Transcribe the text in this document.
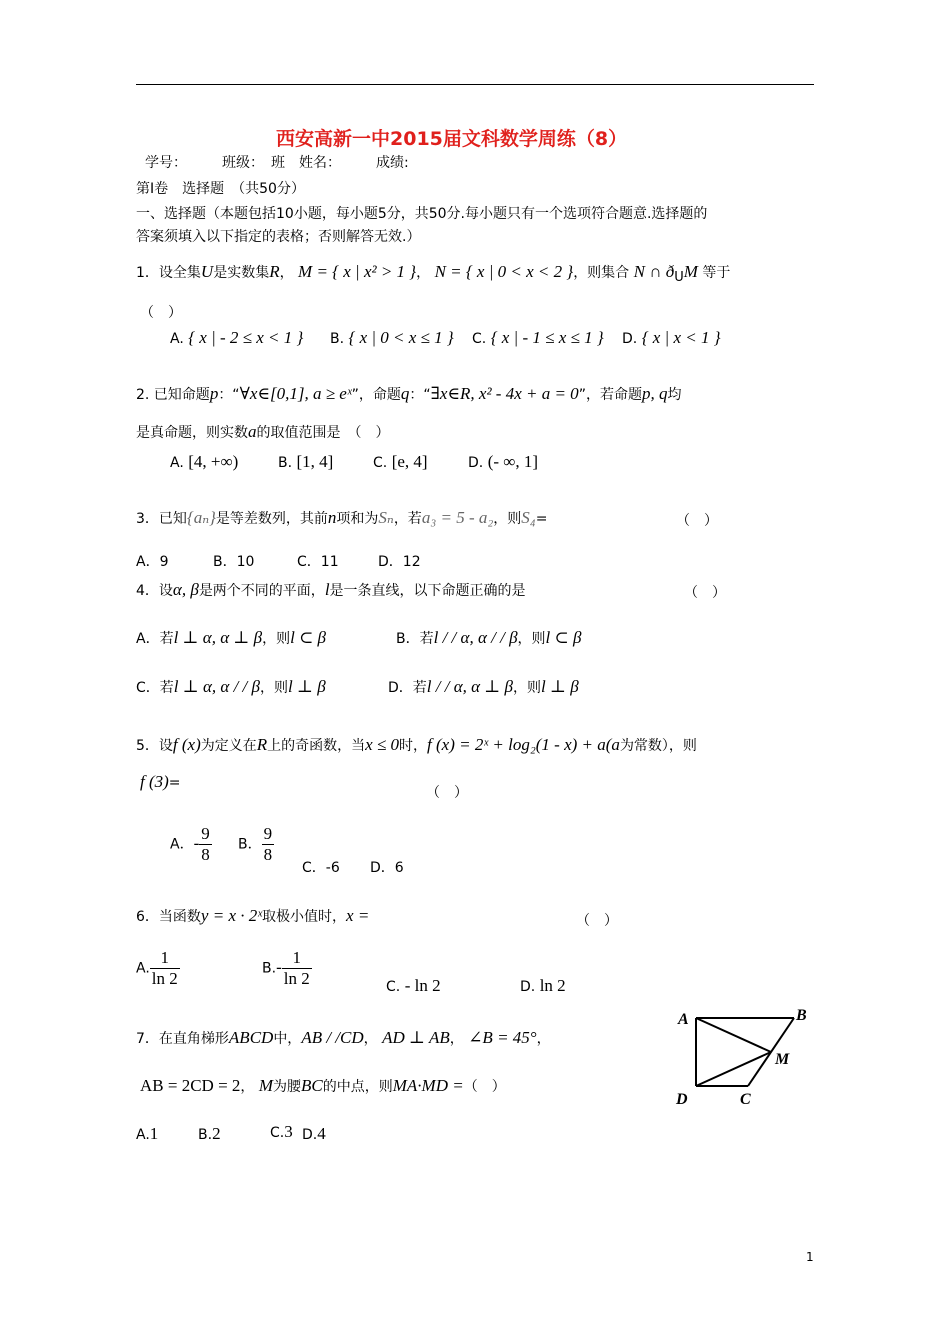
西安高新一中2015届文科数学周练（8）
学号：　　　班级：　班　姓名：　　　成绩:
第Ⅰ卷　选择题　（共50分）
一、选择题（本题包括10小题，每小题5分，共50分.每小题只有一个选项符合题意.选择题的
答案须填入以下指定的表格；否则解答无效.）
1．设全集U是实数集R， M = { x | x² > 1 }， N = { x | 0 < x < 2 }，则集合 N ∩ $ð_UM$ 等于
（　）
A. { x | - 2 ≤ x < 1 } B. { x | 0 < x ≤ 1 } C. { x | - 1 ≤ x ≤ 1 } D. { x | x < 1 }
2. 已知命题p：“∀x∈[0,1], a ≥ eˣ”，命题q：“∃x∈R, x² - 4x + a = 0”，若命题p, q均
是真命题，则实数a的取值范围是　（　）
A. [4, +∞)	B. [1, 4]	C. [e, 4]	D. (- ∞, 1]
3．已知{aₙ}是等差数列，其前n项和为Sₙ，若a₃ = 5 - a₂，则S₄=	（　）
A．9	B．10	C．11	D．12
4．设α, β是两个不同的平面，l是一条直线，以下命题正确的是	（　）
A．若l ⊥ α, α ⊥ β，则l ⊂ β	B．若l / / α, α / / β，则l ⊂ β
C．若l ⊥ α, α / / β，则l ⊥ β	D．若l / / α, α ⊥ β，则l ⊥ β
5．设f (x)为定义在R上的奇函数，当x ≤ 0时，f (x) = 2ˣ + log₂(1 - x) + a(a为常数），则
f (3)=
（　）
A．- $\frac{9}{8}$ B． $\frac{9}{8}$
C．-6 D．6
6．当函数y = x · 2ˣ取极小值时，x =	（　）
A. $\frac{1}{\ln 2}$	$B.- \frac{1}{\ln 2}$	C. - ln 2	D. ln 2
7．在直角梯形ABCD中，AB / /CD， AD ⊥ AB， ∠B = 45°，
AB = 2CD = 2， M为腰BC的中点，则MA·MD =（　）
A.1	B.2	C.3 D.4
A	B
C
D
M
1
